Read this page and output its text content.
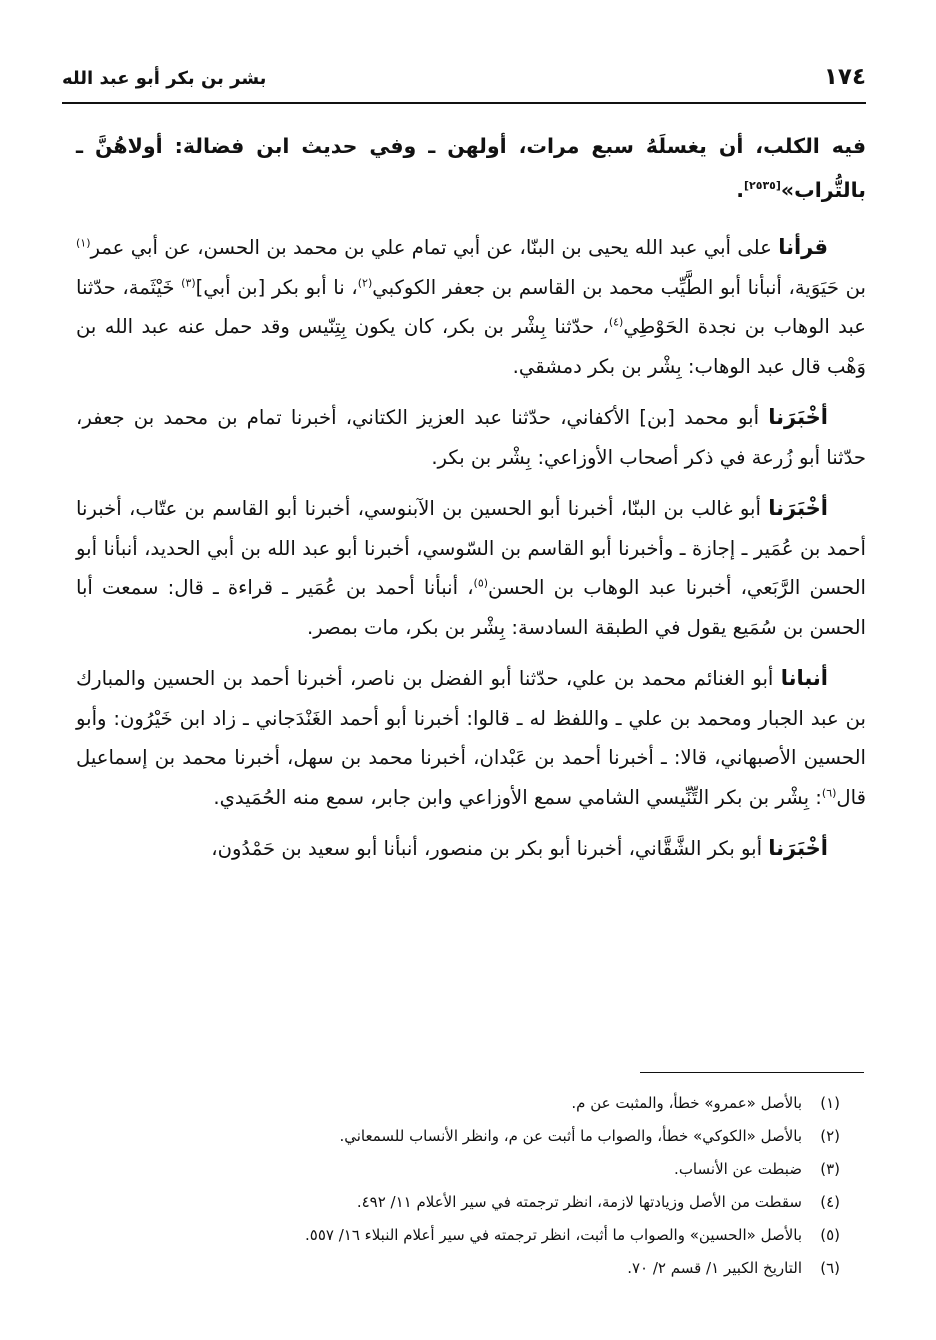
١٧٤
بشر بن بكر أبو عبد الله

فيه الكلب، أن يغسلَهُ سبع مرات، أولهن ـ وفي حديث ابن فضالة: أولاهُنَّ ـ بالتُّراب»[٢٥٣٥].

قرأنا على أبي عبد الله يحيى بن البنّا، عن أبي تمام علي بن محمد بن الحسن، عن أبي عمر$^{(١)}$ بن حَيَوَية، أنبأنا أبو الطَّيِّب محمد بن القاسم بن جعفر الكوكبي$^{(٢)}$، نا أبو بكر [بن أبي]$^{(٣)}$ خَيْثَمة، حدّثنا عبد الوهاب بن نجدة الحَوْطِي$^{(٤)}$، حدّثنا بِشْر بن بكر، كان يكون بِتِنّيس وقد حمل عنه عبد الله بن وَهْب قال عبد الوهاب: بِشْر بن بكر دمشقي.

أخْبَرَنا أبو محمد [بن] الأكفاني، حدّثنا عبد العزيز الكتاني، أخبرنا تمام بن محمد بن جعفر، حدّثنا أبو زُرعة في ذكر أصحاب الأوزاعي: بِشْر بن بكر.

أخْبَرَنا أبو غالب بن البنّا، أخبرنا أبو الحسين بن الآبنوسي، أخبرنا أبو القاسم بن عتّاب، أخبرنا أحمد بن عُمَير ـ إجازة ـ وأخبرنا أبو القاسم بن السّوسي، أخبرنا أبو عبد الله بن أبي الحديد، أنبأنا أبو الحسن الرَّبَعي، أخبرنا عبد الوهاب بن الحسن$^{(٥)}$، أنبأنا أحمد بن عُمَير ـ قراءة ـ قال: سمعت أبا الحسن بن سُمَيع يقول في الطبقة السادسة: بِشْر بن بكر، مات بمصر.

أنبانا أبو الغنائم محمد بن علي، حدّثنا أبو الفضل بن ناصر، أخبرنا أحمد بن الحسين والمبارك بن عبد الجبار ومحمد بن علي ـ واللفظ له ـ قالوا: أخبرنا أبو أحمد الغَنْدَجاني ـ زاد ابن خَيْرُون: وأبو الحسين الأصبهاني، قالا: ـ أخبرنا أحمد بن عَبْدان، أخبرنا محمد بن سهل، أخبرنا محمد بن إسماعيل قال$^{(٦)}$: بِشْر بن بكر التِّنِّيسي الشامي سمع الأوزاعي وابن جابر، سمع منه الحُمَيدي.

أخْبَرَنا أبو بكر الشَّقَّاني، أخبرنا أبو بكر بن منصور، أنبأنا أبو سعيد بن حَمْدُون،

(١)
بالأصل «عمرو» خطأ، والمثبت عن م.
(٢)
بالأصل «الكوكي» خطأ، والصواب ما أثبت عن م، وانظر الأنساب للسمعاني.
(٣)
ضبطت عن الأنساب.
(٤)
سقطت من الأصل وزيادتها لازمة، انظر ترجمته في سير الأعلام ١١/ ٤٩٢.
(٥)
بالأصل «الحسين» والصواب ما أثبت، انظر ترجمته في سير أعلام النبلاء ١٦/ ٥٥٧.
(٦)
التاريخ الكبير ١/ قسم ٢/ ٧٠.
